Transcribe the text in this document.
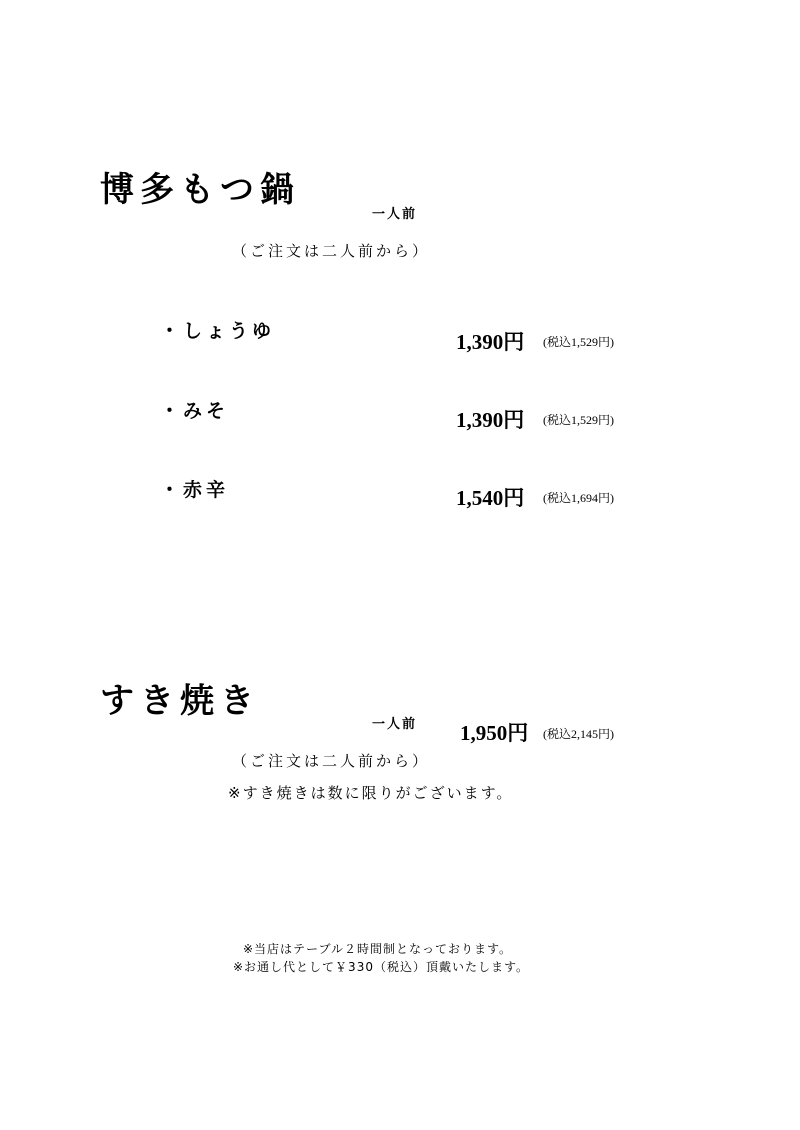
博多もつ鍋
一人前
（ご注文は二人前から）
・しょうゆ	1,390円 (税込1,529円)
・みそ	1,390円 (税込1,529円)
・赤辛	1,540円 (税込1,694円)
すき焼き
一人前 1,950円 (税込2,145円)
（ご注文は二人前から）
※すき焼きは数に限りがございます。
※当店はテーブル２時間制となっております。
※お通し代として￥330（税込）頂戴いたします。
